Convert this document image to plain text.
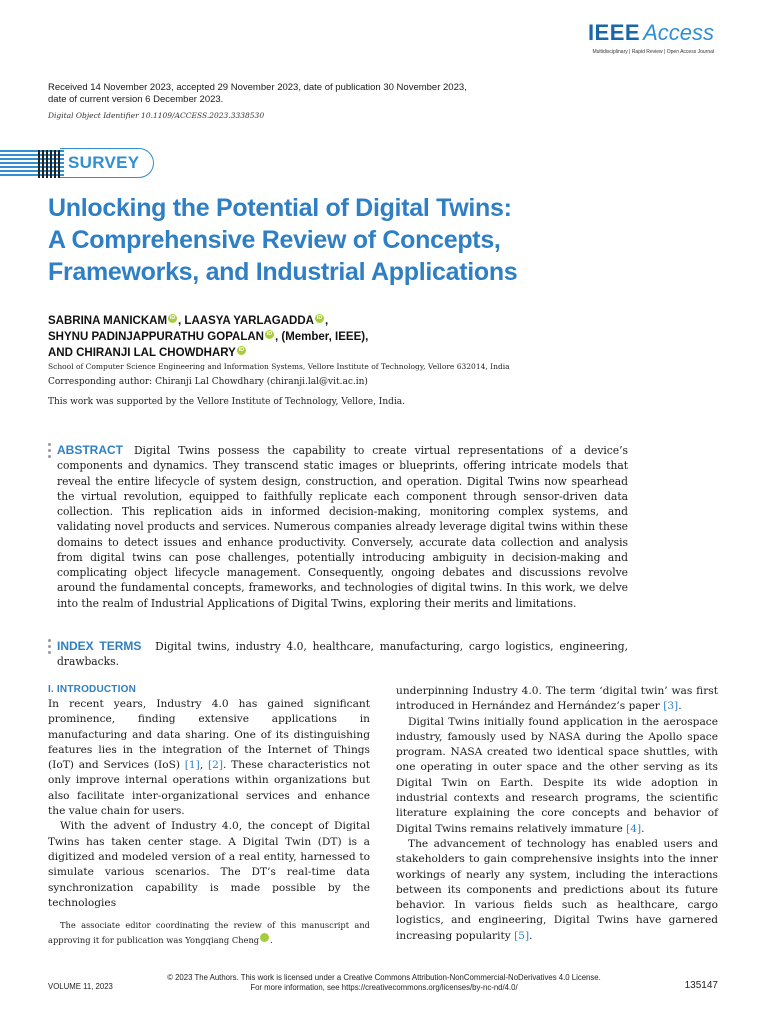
IEEE Access
Multidisciplinary | Rapid Review | Open Access Journal
Received 14 November 2023, accepted 29 November 2023, date of publication 30 November 2023,
date of current version 6 December 2023.
Digital Object Identifier 10.1109/ACCESS.2023.3338530
SURVEY
Unlocking the Potential of Digital Twins:
A Comprehensive Review of Concepts,
Frameworks, and Industrial Applications
SABRINA MANICKAM iD , LAASYA YARLAGADDA iD ,
SHYNU PADINJAPPURATHU GOPALAN iD , (Member, IEEE),
AND CHIRANJI LAL CHOWDHARY iD
School of Computer Science Engineering and Information Systems, Vellore Institute of Technology, Vellore 632014, India
Corresponding author: Chiranji Lal Chowdhary (chiranji.lal@vit.ac.in)
This work was supported by the Vellore Institute of Technology, Vellore, India.
ABSTRACT Digital Twins possess the capability to create virtual representations of a device’s components and dynamics. They transcend static images or blueprints, offering intricate models that reveal the entire lifecycle of system design, construction, and operation. Digital Twins now spearhead the virtual revolution, equipped to faithfully replicate each component through sensor-driven data collection. This replication aids in informed decision-making, monitoring complex systems, and validating novel products and services. Numerous companies already leverage digital twins within these domains to detect issues and enhance productivity. Conversely, accurate data collection and analysis from digital twins can pose challenges, potentially introducing ambiguity in decision-making and complicating object lifecycle management. Consequently, ongoing debates and discussions revolve around the fundamental concepts, frameworks, and technologies of digital twins. In this work, we delve into the realm of Industrial Applications of Digital Twins, exploring their merits and limitations.
INDEX TERMS Digital twins, industry 4.0, healthcare, manufacturing, cargo logistics, engineering, drawbacks.
I. INTRODUCTION
In recent years, Industry 4.0 has gained significant prominence, finding extensive applications in manufacturing and data sharing. One of its distinguishing features lies in the integration of the Internet of Things (IoT) and Services (IoS) [1], [2]. These characteristics not only improve internal operations within organizations but also facilitate inter-organizational services and enhance the value chain for users.
With the advent of Industry 4.0, the concept of Digital Twins has taken center stage. A Digital Twin (DT) is a digitized and modeled version of a real entity, harnessed to simulate various scenarios. The DT’s real-time data synchronization capability is made possible by the technologies
The associate editor coordinating the review of this manuscript and approving it for publication was Yongqiang Cheng iD.
underpinning Industry 4.0. The term ‘digital twin’ was first introduced in Hernández and Hernández’s paper [3].
Digital Twins initially found application in the aerospace industry, famously used by NASA during the Apollo space program. NASA created two identical space shuttles, with one operating in outer space and the other serving as its Digital Twin on Earth. Despite its wide adoption in industrial contexts and research programs, the scientific literature explaining the core concepts and behavior of Digital Twins remains relatively immature [4].
The advancement of technology has enabled users and stakeholders to gain comprehensive insights into the inner workings of nearly any system, including the interactions between its components and predictions about its future behavior. In various fields such as healthcare, cargo logistics, and engineering, Digital Twins have garnered increasing popularity [5].
© 2023 The Authors. This work is licensed under a Creative Commons Attribution-NonCommercial-NoDerivatives 4.0 License.
For more information, see https://creativecommons.org/licenses/by-nc-nd/4.0/
VOLUME 11, 2023	135147
